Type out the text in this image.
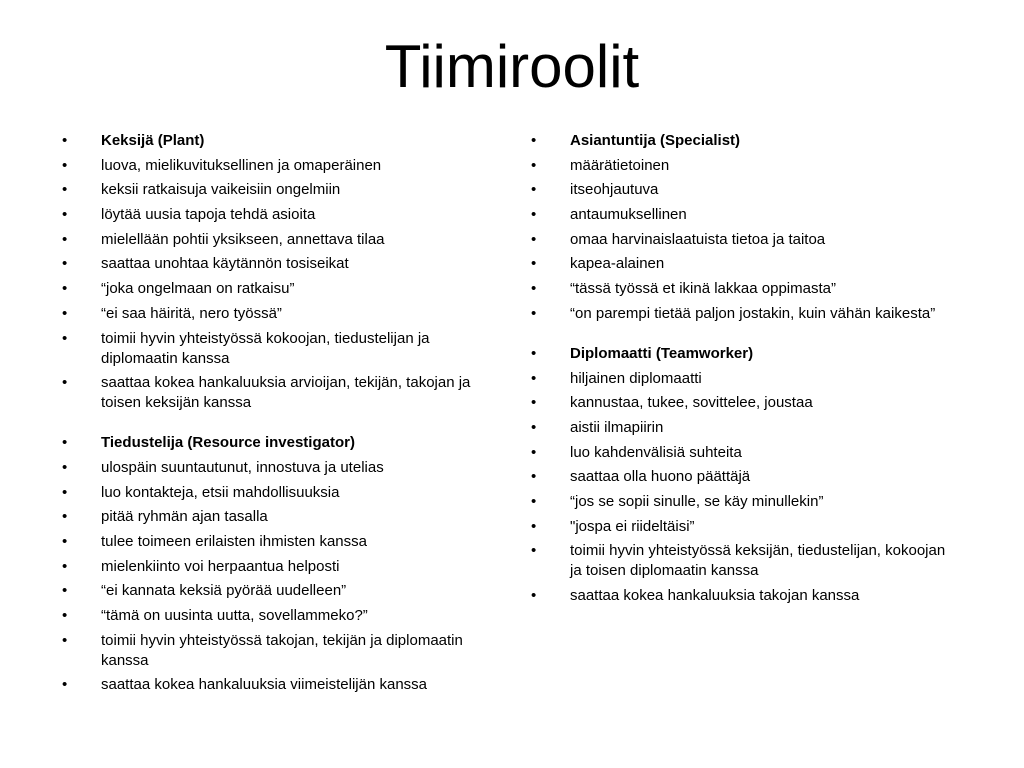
Tiimiroolit
•	Keksijä (Plant)
•	luova, mielikuvituksellinen ja omaperäinen
•	keksii ratkaisuja vaikeisiin ongelmiin
•	löytää uusia tapoja tehdä asioita
•	mielellään pohtii yksikseen, annettava tilaa
•	saattaa unohtaa käytännön tosiseikat
•	“joka ongelmaan on ratkaisu”
•	“ei saa häiritä, nero työssä”
•	toimii hyvin yhteistyössä kokoojan, tiedustelijan ja diplomaatin kanssa
•	saattaa kokea hankaluuksia arvioijan, tekijän, takojan ja toisen keksijän kanssa
•	Tiedustelija (Resource investigator)
•	ulospäin suuntautunut, innostuva ja utelias
•	luo kontakteja, etsii mahdollisuuksia
•	pitää ryhmän ajan tasalla
•	tulee toimeen erilaisten ihmisten kanssa
•	mielenkiinto voi herpaantua helposti
•	“ei kannata keksiä pyörää uudelleen”
•	“tämä on uusinta uutta, sovellammeko?”
•	toimii hyvin yhteistyössä takojan, tekijän ja diplomaatin kanssa
•	saattaa kokea hankaluuksia viimeistelijän kanssa
•	Asiantuntija (Specialist)
•	määrätietoinen
•	itseohjautuva
•	antaumuksellinen
•	omaa harvinaislaatuista tietoa ja taitoa
•	kapea-alainen
•	“tässä työssä et ikinä lakkaa oppimasta”
•	“on parempi tietää paljon jostakin, kuin vähän kaikesta”
•	Diplomaatti (Teamworker)
•	hiljainen diplomaatti
•	kannustaa, tukee, sovittelee, joustaa
•	aistii ilmapiirin
•	luo kahdenvälisiä suhteita
•	saattaa olla huono päättäjä
•	“jos se sopii sinulle, se käy minullekin”
•	"jospa ei riideltäisi”
•	toimii hyvin yhteistyössä keksijän, tiedustelijan, kokoojan ja toisen diplomaatin kanssa
•	saattaa kokea hankaluuksia takojan kanssa
